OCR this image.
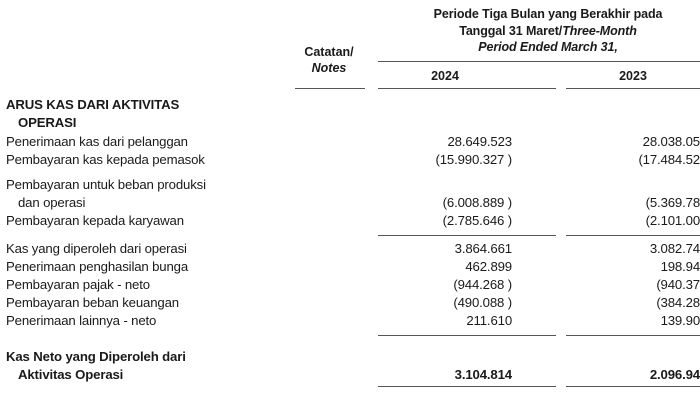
Periode Tiga Bulan yang Berakhir pada
Tanggal 31 Maret/Three-Month
Period Ended March 31,
Catatan/
Notes
2024	2023
ARUS KAS DARI AKTIVITAS
OPERASI
Penerimaan kas dari pelanggan	28.649.523	28.038.05
Pembayaran kas kepada pemasok	(15.990.327 )	(17.484.52
Pembayaran untuk beban produksi
dan operasi	(6.008.889 )	(5.369.78
Pembayaran kepada karyawan	(2.785.646 )	(2.101.00
Kas yang diperoleh dari operasi	3.864.661	3.082.74
Penerimaan penghasilan bunga	462.899	198.94
Pembayaran pajak - neto	(944.268 )	(940.37
Pembayaran beban keuangan	(490.088 )	(384.28
Penerimaan lainnya - neto	211.610	139.90
Kas Neto yang Diperoleh dari
Aktivitas Operasi	3.104.814	2.096.94
